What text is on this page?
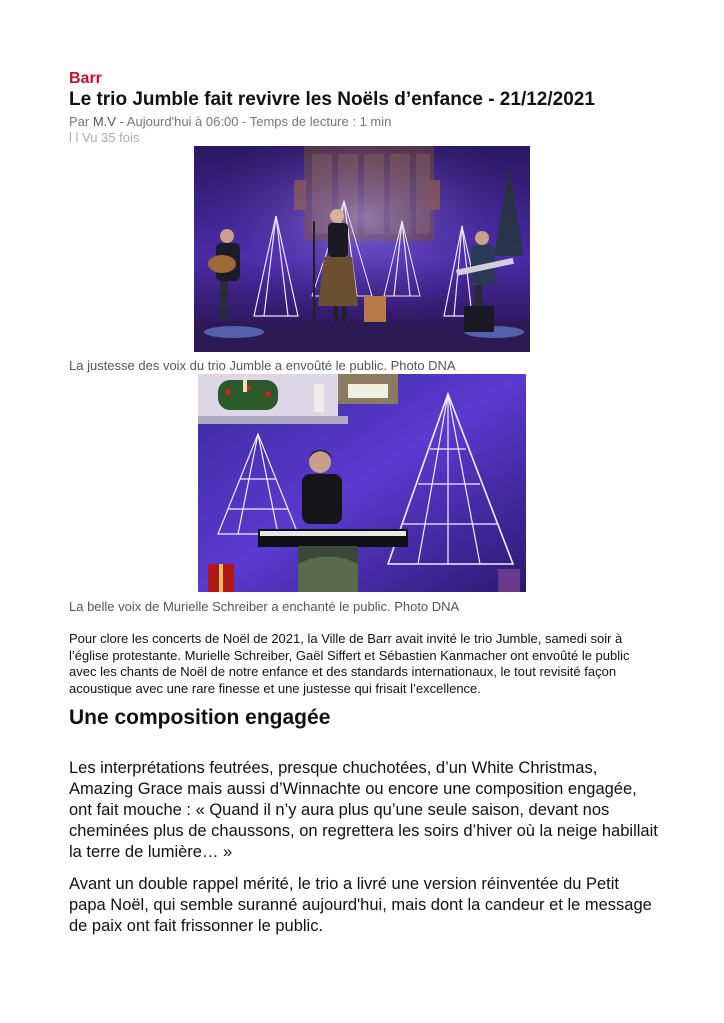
Barr
Le trio Jumble fait revivre les Noëls d’enfance - 21/12/2021
Par M.V - Aujourd'hui à 06:00 - Temps de lecture : 1 min
l l Vu 35 fois
La justesse des voix du trio Jumble a envoûté le public. Photo DNA
La belle voix de Murielle Schreiber a enchanté le public. Photo DNA

Pour clore les concerts de Noël de 2021, la Ville de Barr avait invité le trio Jumble, samedi soir à l’église protestante. Murielle Schreiber, Gaël Siffert et Sébastien Kanmacher ont envoûté le public avec les chants de Noël de notre enfance et des standards internationaux, le tout revisité façon acoustique avec une rare finesse et une justesse qui frisait l’excellence.

Une composition engagée

Les interprétations feutrées, presque chuchotées, d’un White Christmas, Amazing Grace mais aussi d’Winnachte ou encore une composition engagée, ont fait mouche : « Quand il n’y aura plus qu’une seule saison, devant nos cheminées plus de chaussons, on regrettera les soirs d’hiver où la neige habillait la terre de lumière… »

Avant un double rappel mérité, le trio a livré une version réinventée du Petit papa Noël, qui semble suranné aujourd'hui, mais dont la candeur et le message de paix ont fait frissonner le public.
